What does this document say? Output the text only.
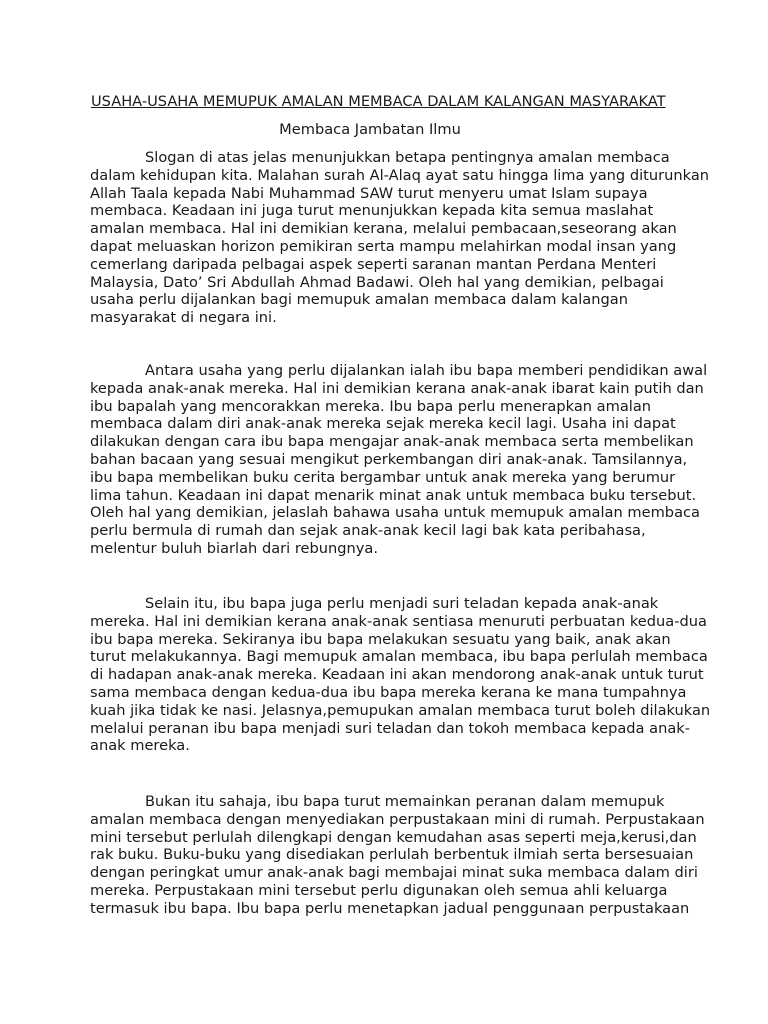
USAHA-USAHA MEMUPUK AMALAN MEMBACA DALAM KALANGAN MASYARAKAT
Membaca Jambatan Ilmu
Slogan di atas jelas menunjukkan betapa pentingnya amalan membaca
dalam kehidupan kita. Malahan surah Al-Alaq ayat satu hingga lima yang diturunkan
Allah Taala kepada Nabi Muhammad SAW turut menyeru umat Islam supaya
membaca. Keadaan ini juga turut menunjukkan kepada kita semua maslahat
amalan membaca. Hal ini demikian kerana, melalui pembacaan,seseorang akan
dapat meluaskan horizon pemikiran serta mampu melahirkan modal insan yang
cemerlang daripada pelbagai aspek seperti saranan mantan Perdana Menteri
Malaysia, Dato’ Sri Abdullah Ahmad Badawi. Oleh hal yang demikian, pelbagai
usaha perlu dijalankan bagi memupuk amalan membaca dalam kalangan
masyarakat di negara ini.
Antara usaha yang perlu dijalankan ialah ibu bapa memberi pendidikan awal
kepada anak-anak mereka. Hal ini demikian kerana anak-anak ibarat kain putih dan
ibu bapalah yang mencorakkan mereka. Ibu bapa perlu menerapkan amalan
membaca dalam diri anak-anak mereka sejak mereka kecil lagi. Usaha ini dapat
dilakukan dengan cara ibu bapa mengajar anak-anak membaca serta membelikan
bahan bacaan yang sesuai mengikut perkembangan diri anak-anak. Tamsilannya,
ibu bapa membelikan buku cerita bergambar untuk anak mereka yang berumur
lima tahun. Keadaan ini dapat menarik minat anak untuk membaca buku tersebut.
Oleh hal yang demikian, jelaslah bahawa usaha untuk memupuk amalan membaca
perlu bermula di rumah dan sejak anak-anak kecil lagi bak kata peribahasa,
melentur buluh biarlah dari rebungnya.
Selain itu, ibu bapa juga perlu menjadi suri teladan kepada anak-anak
mereka. Hal ini demikian kerana anak-anak sentiasa menuruti perbuatan kedua-dua
ibu bapa mereka. Sekiranya ibu bapa melakukan sesuatu yang baik, anak akan
turut melakukannya. Bagi memupuk amalan membaca, ibu bapa perlulah membaca
di hadapan anak-anak mereka. Keadaan ini akan mendorong anak-anak untuk turut
sama membaca dengan kedua-dua ibu bapa mereka kerana ke mana tumpahnya
kuah jika tidak ke nasi. Jelasnya,pemupukan amalan membaca turut boleh dilakukan
melalui peranan ibu bapa menjadi suri teladan dan tokoh membaca kepada anak-
anak mereka.
Bukan itu sahaja, ibu bapa turut memainkan peranan dalam memupuk
amalan membaca dengan menyediakan perpustakaan mini di rumah. Perpustakaan
mini tersebut perlulah dilengkapi dengan kemudahan asas seperti meja,kerusi,dan
rak buku. Buku-buku yang disediakan perlulah berbentuk ilmiah serta bersesuaian
dengan peringkat umur anak-anak bagi membajai minat suka membaca dalam diri
mereka. Perpustakaan mini tersebut perlu digunakan oleh semua ahli keluarga
termasuk ibu bapa. Ibu bapa perlu menetapkan jadual penggunaan perpustakaan
